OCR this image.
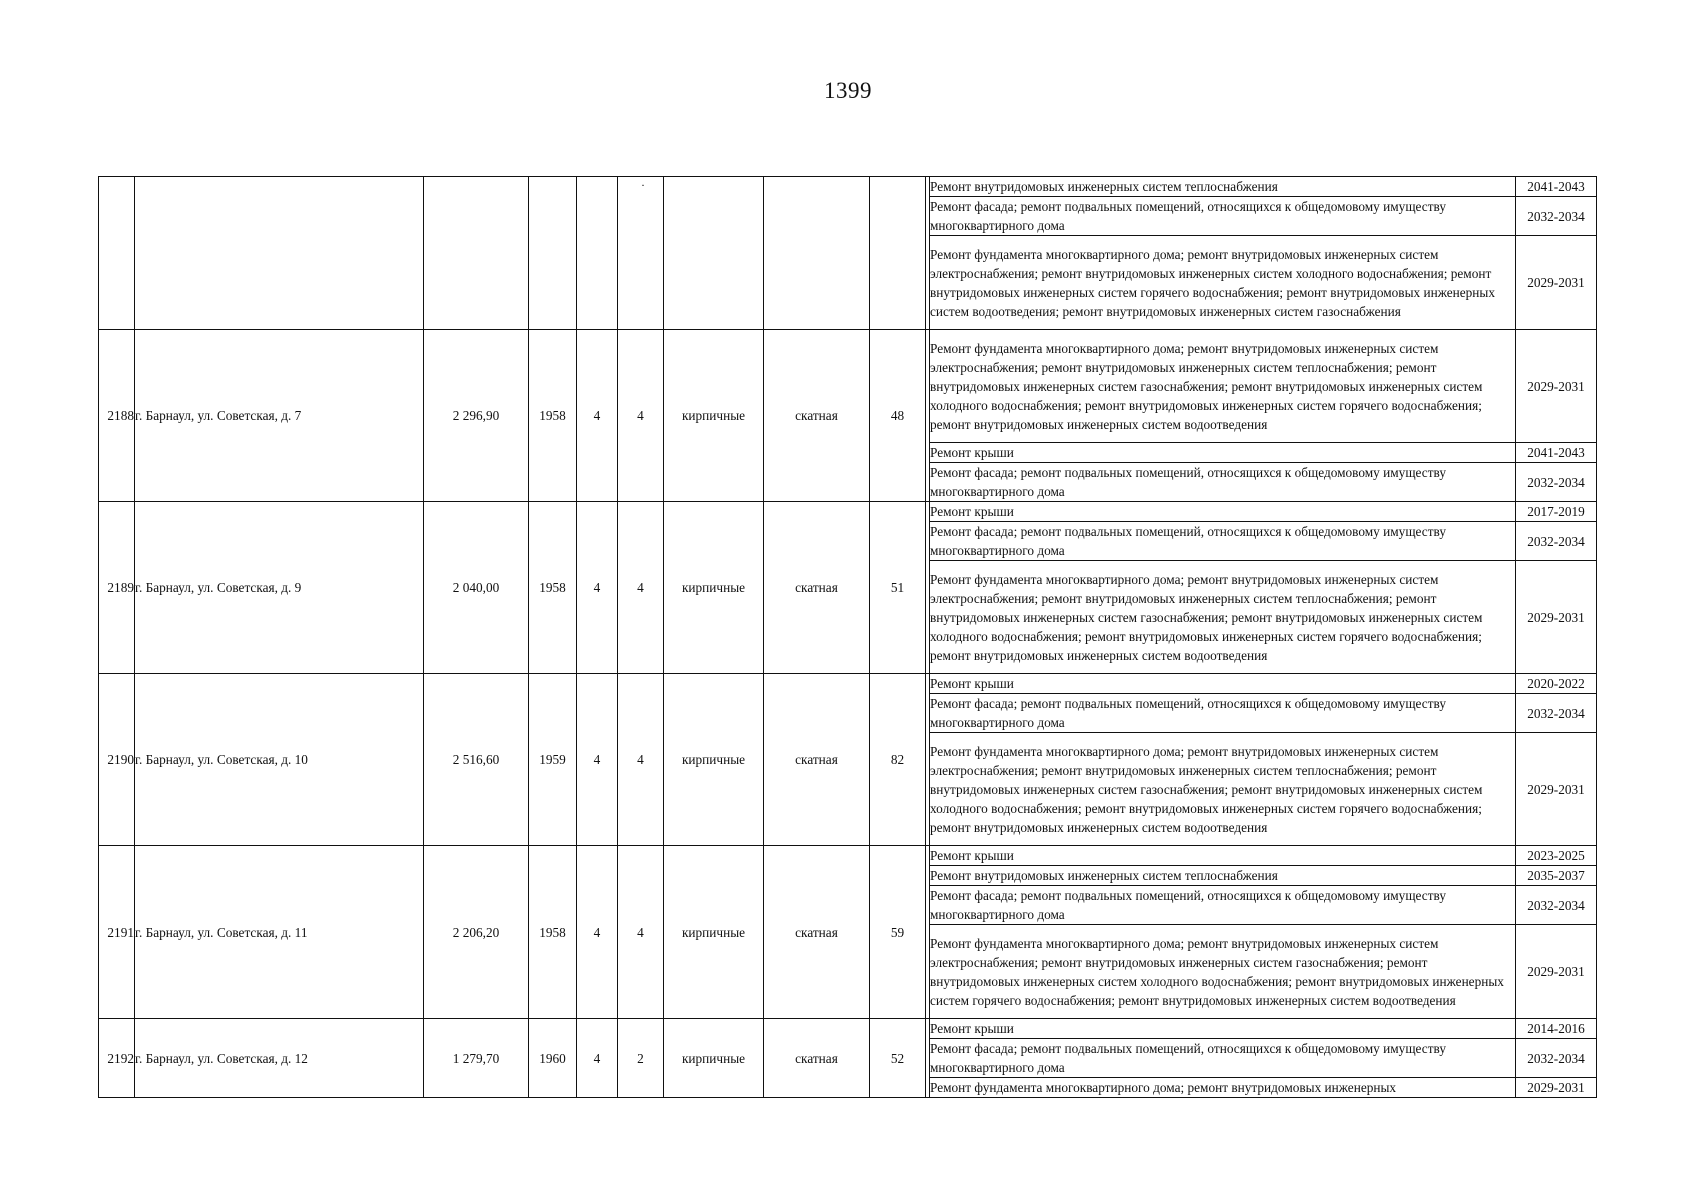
1399
·
											Ремонт внутридомовых инженерных систем теплоснабжения	2041-2043
										Ремонт фасада; ремонт подвальных помещений, относящихся к общедомовому имуществу многоквартирного дома	2032-2034
										Ремонт фундамента многоквартирного дома; ремонт внутридомовых инженерных систем электроснабжения; ремонт внутридомовых инженерных систем холодного водоснабжения; ремонт внутридомовых инженерных систем горячего водоснабжения; ремонт внутридомовых инженерных систем водоотведения; ремонт внутридомовых инженерных систем газоснабжения	2029-2031
2188	г. Барнаул, ул. Советская, д. 7	2 296,90	1958	4	4	кирпичные	скатная	48		Ремонт фундамента многоквартирного дома; ремонт внутридомовых инженерных систем электроснабжения; ремонт внутридомовых инженерных систем теплоснабжения; ремонт внутридомовых инженерных систем газоснабжения; ремонт внутридомовых инженерных систем холодного водоснабжения; ремонт внутридомовых инженерных систем горячего водоснабжения; ремонт внутридомовых инженерных систем водоотведения	2029-2031
										Ремонт крыши	2041-2043
										Ремонт фасада; ремонт подвальных помещений, относящихся к общедомовому имуществу многоквартирного дома	2032-2034
2189	г. Барнаул, ул. Советская, д. 9	2 040,00	1958	4	4	кирпичные	скатная	51		Ремонт крыши	2017-2019
										Ремонт фасада; ремонт подвальных помещений, относящихся к общедомовому имуществу многоквартирного дома	2032-2034
										Ремонт фундамента многоквартирного дома; ремонт внутридомовых инженерных систем электроснабжения; ремонт внутридомовых инженерных систем теплоснабжения; ремонт внутридомовых инженерных систем газоснабжения; ремонт внутридомовых инженерных систем холодного водоснабжения; ремонт внутридомовых инженерных систем горячего водоснабжения; ремонт внутридомовых инженерных систем водоотведения	2029-2031
2190	г. Барнаул, ул. Советская, д. 10	2 516,60	1959	4	4	кирпичные	скатная	82		Ремонт крыши	2020-2022
										Ремонт фасада; ремонт подвальных помещений, относящихся к общедомовому имуществу многоквартирного дома	2032-2034
										Ремонт фундамента многоквартирного дома; ремонт внутридомовых инженерных систем электроснабжения; ремонт внутридомовых инженерных систем теплоснабжения; ремонт внутридомовых инженерных систем газоснабжения; ремонт внутридомовых инженерных систем холодного водоснабжения; ремонт внутридомовых инженерных систем горячего водоснабжения; ремонт внутридомовых инженерных систем водоотведения	2029-2031
2191	г. Барнаул, ул. Советская, д. 11	2 206,20	1958	4	4	кирпичные	скатная	59		Ремонт крыши	2023-2025
										Ремонт внутридомовых инженерных систем теплоснабжения	2035-2037
										Ремонт фасада; ремонт подвальных помещений, относящихся к общедомовому имуществу многоквартирного дома	2032-2034
										Ремонт фундамента многоквартирного дома; ремонт внутридомовых инженерных систем электроснабжения; ремонт внутридомовых инженерных систем газоснабжения; ремонт внутридомовых инженерных систем холодного водоснабжения; ремонт внутридомовых инженерных систем горячего водоснабжения; ремонт внутридомовых инженерных систем водоотведения	2029-2031
2192	г. Барнаул, ул. Советская, д. 12	1 279,70	1960	4	2	кирпичные	скатная	52		Ремонт крыши	2014-2016
										Ремонт фасада; ремонт подвальных помещений, относящихся к общедомовому имуществу многоквартирного дома	2032-2034
										Ремонт фундамента многоквартирного дома; ремонт внутридомовых инженерных	2029-2031
